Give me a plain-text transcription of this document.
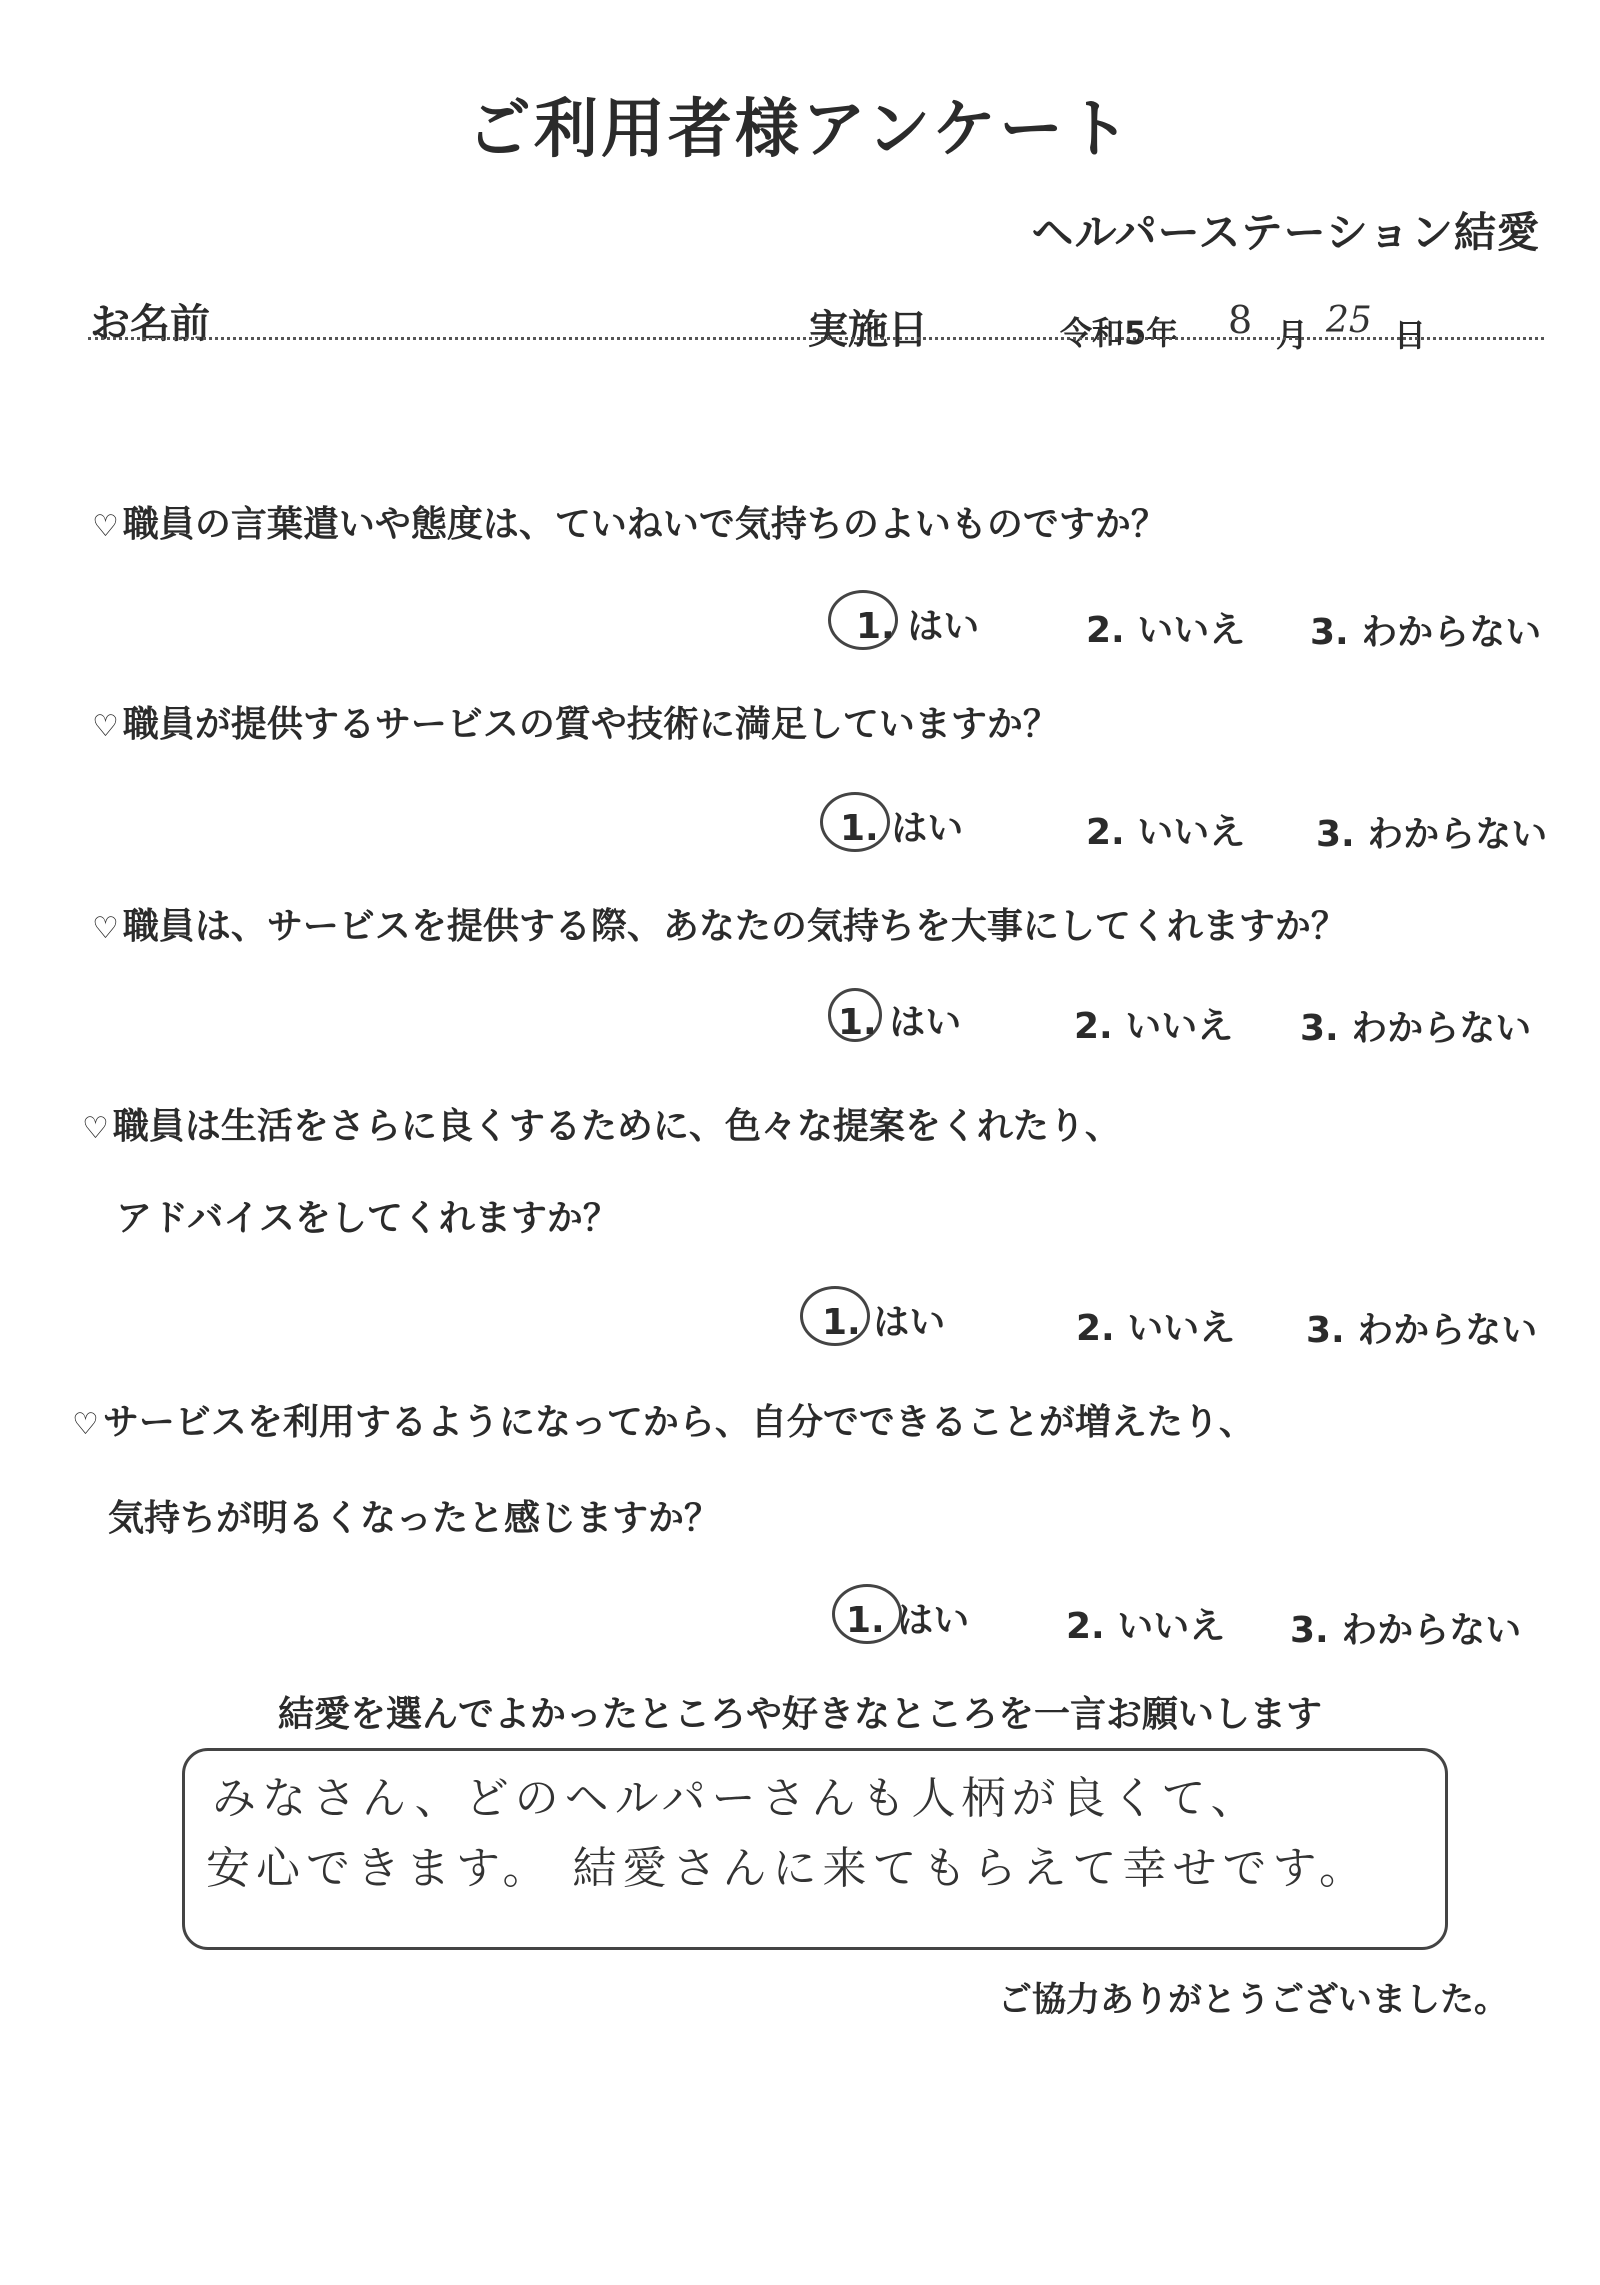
ご利用者様アンケート
ヘルパーステーション結愛
お名前	実施日	令和5年 8 月 25 日
♡ 職員の言葉遣いや態度は、ていねいで気持ちのよいものですか？
1. はい	2. いいえ 3. わからない
♡ 職員が提供するサービスの質や技術に満足していますか？
1. はい	2. いいえ 3. わからない
♡ 職員は、サービスを提供する際、あなたの気持ちを大事にしてくれますか？
1. はい	2. いいえ 3. わからない
♡ 職員は生活をさらに良くするために、色々な提案をくれたり、
アドバイスをしてくれますか？
1. はい	2. いいえ 3. わからない
♡ サービスを利用するようになってから、自分でできることが増えたり、
気持ちが明るくなったと感じますか？
1. はい	2. いいえ 3. わからない
結愛を選んでよかったところや好きなところを一言お願いします
みなさん、どのヘルパーさんも人柄が良くて、
安心できます。 結愛さんに来てもらえて幸せです。
ご協力ありがとうございました。
